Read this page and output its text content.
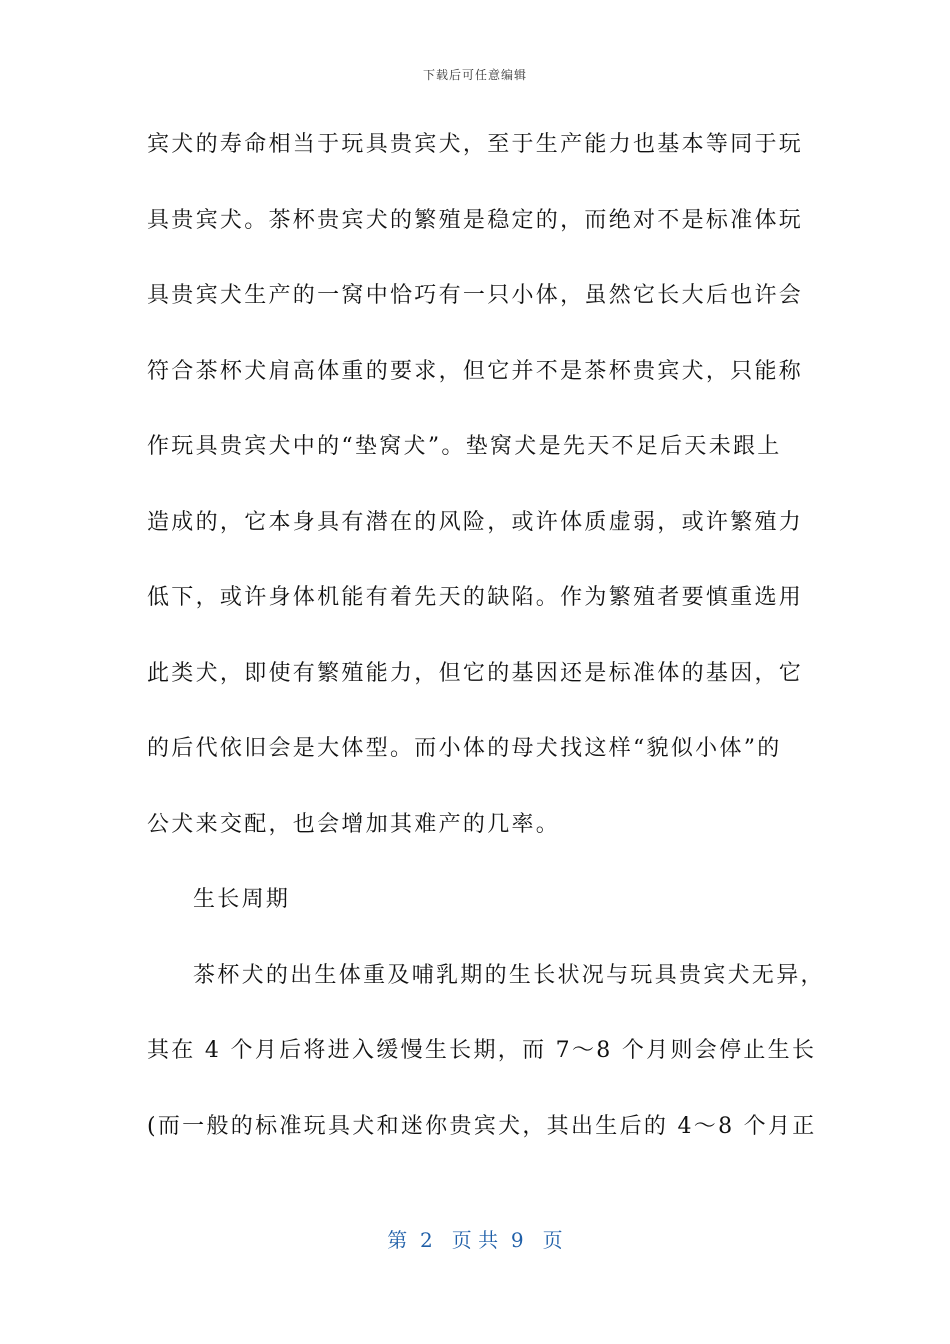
下载后可任意编辑
宾犬的寿命相当于玩具贵宾犬，至于生产能力也基本等同于玩
具贵宾犬。茶杯贵宾犬的繁殖是稳定的，而绝对不是标准体玩
具贵宾犬生产的一窝中恰巧有一只小体，虽然它长大后也许会
符合茶杯犬肩高体重的要求，但它并不是茶杯贵宾犬，只能称
作玩具贵宾犬中的“垫窝犬”。垫窝犬是先天不足后天未跟上
造成的，它本身具有潜在的风险，或许体质虚弱，或许繁殖力
低下，或许身体机能有着先天的缺陷。作为繁殖者要慎重选用
此类犬，即使有繁殖能力，但它的基因还是标准体的基因，它
的后代依旧会是大体型。而小体的母犬找这样“貌似小体”的
公犬来交配，也会增加其难产的几率。
生长周期
茶杯犬的出生体重及哺乳期的生长状况与玩具贵宾犬无异，
其在 4 个月后将进入缓慢生长期，而 7～8 个月则会停止生长
(而一般的标准玩具犬和迷你贵宾犬，其出生后的 4～8 个月正
第  2   页 共  9   页
